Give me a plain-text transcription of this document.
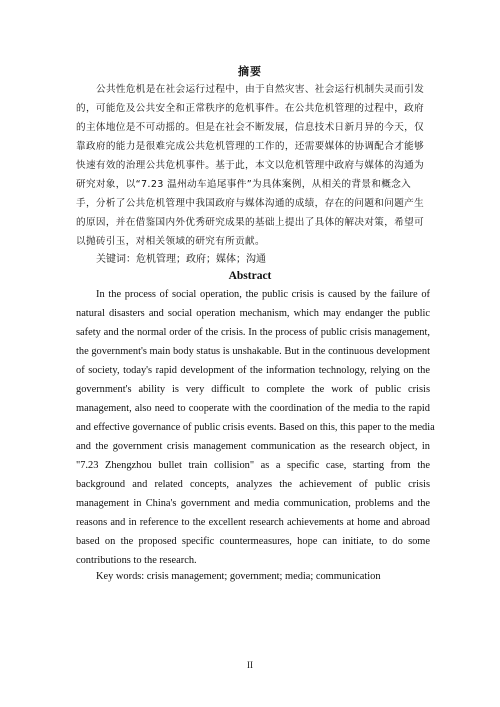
摘要
公共性危机是在社会运行过程中，由于自然灾害、社会运行机制失灵而引发
的，可能危及公共安全和正常秩序的危机事件。在公共危机管理的过程中，政府
的主体地位是不可动摇的。但是在社会不断发展，信息技术日新月异的今天，仅
靠政府的能力是很难完成公共危机管理的工作的，还需要媒体的协调配合才能够
快速有效的治理公共危机事件。基于此，本文以危机管理中政府与媒体的沟通为
研究对象，以“7.23 温州动车追尾事件”为具体案例，从相关的背景和概念入
手，分析了公共危机管理中我国政府与媒体沟通的成绩，存在的问题和问题产生
的原因，并在借鉴国内外优秀研究成果的基础上提出了具体的解决对策，希望可
以抛砖引玉，对相关领域的研究有所贡献。
关键词：危机管理；政府；媒体；沟通
Abstract
In the process of social operation, the public crisis is caused by the failure of
natural disasters and social operation mechanism, which may endanger the public
safety and the normal order of the crisis. In the process of public crisis management,
the government's main body status is unshakable. But in the continuous development
of society, today's rapid development of the information technology, relying on the
government's ability is very difficult to complete the work of public crisis
management, also need to cooperate with the coordination of the media to the rapid
and effective governance of public crisis events. Based on this, this paper to the media
and the government crisis management communication as the research object, in
"7.23 Zhengzhou bullet train collision" as a specific case, starting from the
background and related concepts, analyzes the achievement of public crisis
management in China's government and media communication, problems and the
reasons and in reference to the excellent research achievements at home and abroad
based on the proposed specific countermeasures, hope can initiate, to do some
contributions to the research.
Key words: crisis management; government; media; communication
II
